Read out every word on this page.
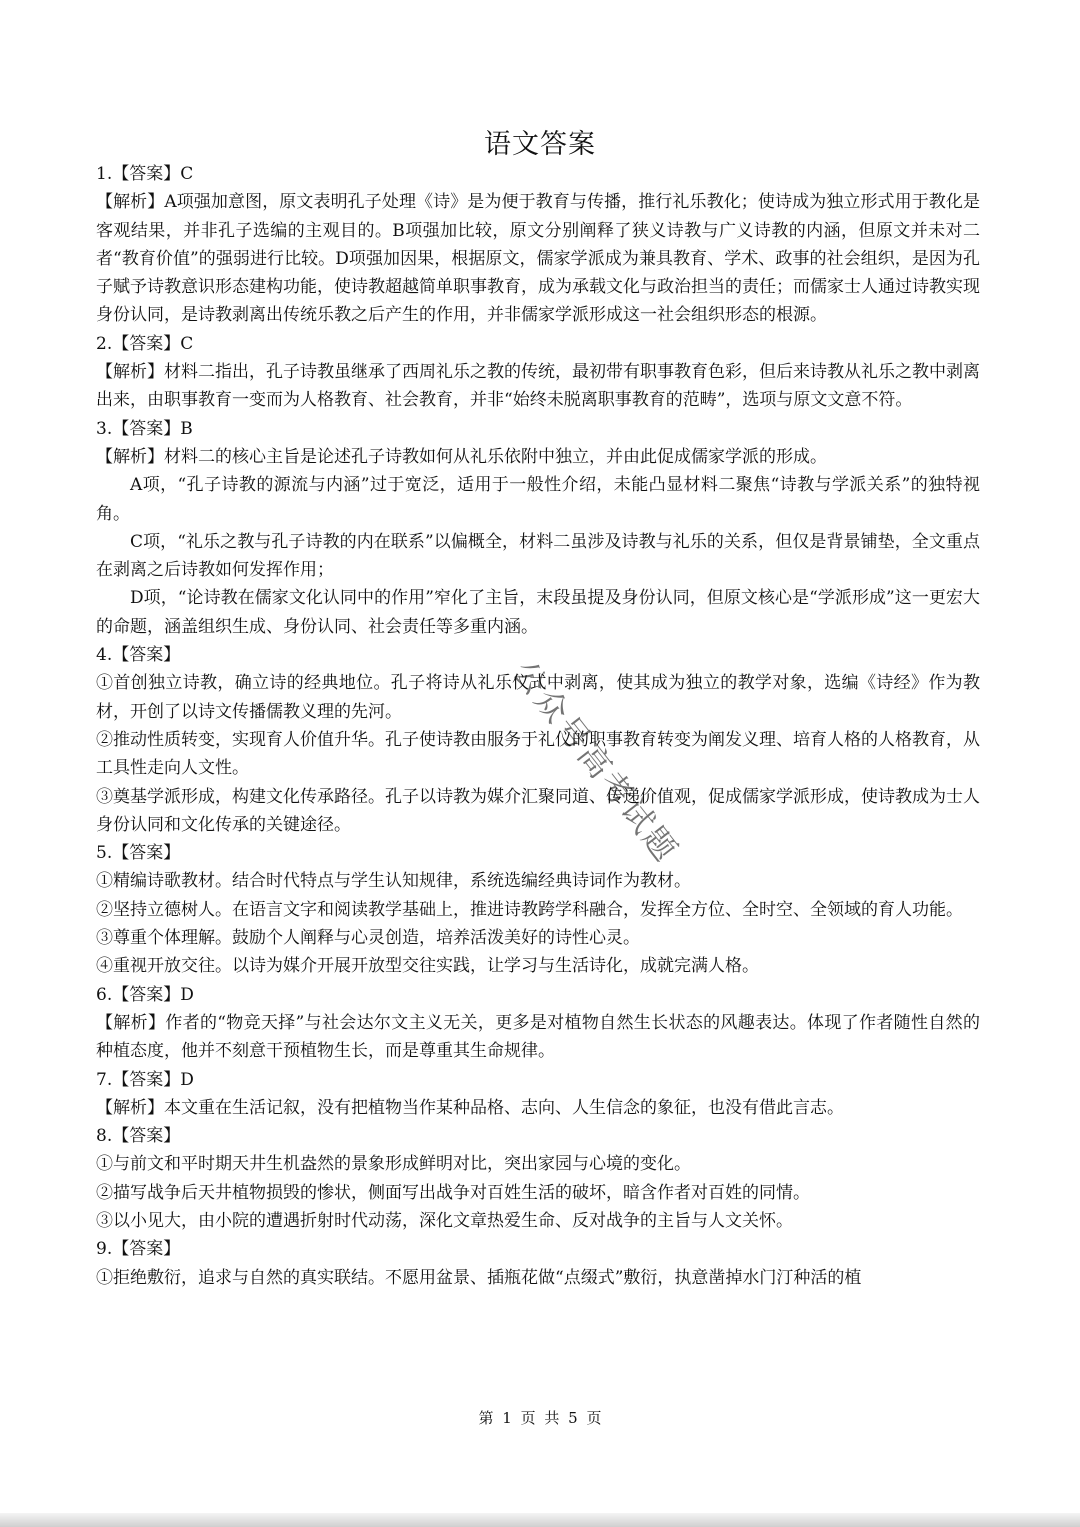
语文答案

1.【答案】C

【解析】A项强加意图，原文表明孔子处理《诗》是为便于教育与传播，推行礼乐教化；使诗成为独立形式用于教化是客观结果，并非孔子选编的主观目的。B项强加比较，原文分别阐释了狭义诗教与广义诗教的内涵，但原文并未对二者“教育价值”的强弱进行比较。D项强加因果，根据原文，儒家学派成为兼具教育、学术、政事的社会组织，是因为孔子赋予诗教意识形态建构功能，使诗教超越简单职事教育，成为承载文化与政治担当的责任；而儒家士人通过诗教实现身份认同，是诗教剥离出传统乐教之后产生的作用，并非儒家学派形成这一社会组织形态的根源。

2.【答案】C

【解析】材料二指出，孔子诗教虽继承了西周礼乐之教的传统，最初带有职事教育色彩，但后来诗教从礼乐之教中剥离出来，由职事教育一变而为人格教育、社会教育，并非“始终未脱离职事教育的范畴”，选项与原文文意不符。

3.【答案】B

【解析】材料二的核心主旨是论述孔子诗教如何从礼乐依附中独立，并由此促成儒家学派的形成。

A项，“孔子诗教的源流与内涵”过于宽泛，适用于一般性介绍，未能凸显材料二聚焦“诗教与学派关系”的独特视角。

C项，“礼乐之教与孔子诗教的内在联系”以偏概全，材料二虽涉及诗教与礼乐的关系，但仅是背景铺垫，全文重点在剥离之后诗教如何发挥作用；

D项，“论诗教在儒家文化认同中的作用”窄化了主旨，末段虽提及身份认同，但原文核心是“学派形成”这一更宏大的命题，涵盖组织生成、身份认同、社会责任等多重内涵。

4.【答案】

①首创独立诗教，确立诗的经典地位。孔子将诗从礼乐仪式中剥离，使其成为独立的教学对象，选编《诗经》作为教材，开创了以诗文传播儒教义理的先河。

②推动性质转变，实现育人价值升华。孔子使诗教由服务于礼仪的职事教育转变为阐发义理、培育人格的人格教育，从工具性走向人文性。

③奠基学派形成，构建文化传承路径。孔子以诗教为媒介汇聚同道、传递价值观，促成儒家学派形成，使诗教成为士人身份认同和文化传承的关键途径。

5.【答案】

①精编诗歌教材。结合时代特点与学生认知规律，系统选编经典诗词作为教材。

②坚持立德树人。在语言文字和阅读教学基础上，推进诗教跨学科融合，发挥全方位、全时空、全领域的育人功能。

③尊重个体理解。鼓励个人阐释与心灵创造，培养活泼美好的诗性心灵。

④重视开放交往。以诗为媒介开展开放型交往实践，让学习与生活诗化，成就完满人格。

6.【答案】D

【解析】作者的“物竞天择”与社会达尔文主义无关，更多是对植物自然生长状态的风趣表达。体现了作者随性自然的种植态度，他并不刻意干预植物生长，而是尊重其生命规律。

7.【答案】D

【解析】本文重在生活记叙，没有把植物当作某种品格、志向、人生信念的象征，也没有借此言志。

8.【答案】

①与前文和平时期天井生机盎然的景象形成鲜明对比，突出家园与心境的变化。

②描写战争后天井植物损毁的惨状，侧面写出战争对百姓生活的破坏，暗含作者对百姓的同情。

③以小见大，由小院的遭遇折射时代动荡，深化文章热爱生命、反对战争的主旨与人文关怀。

9.【答案】

①拒绝敷衍，追求与自然的真实联结。不愿用盆景、插瓶花做“点缀式”敷衍，执意凿掉水门汀种活的植

公众号高考试题
第 1 页 共 5 页
